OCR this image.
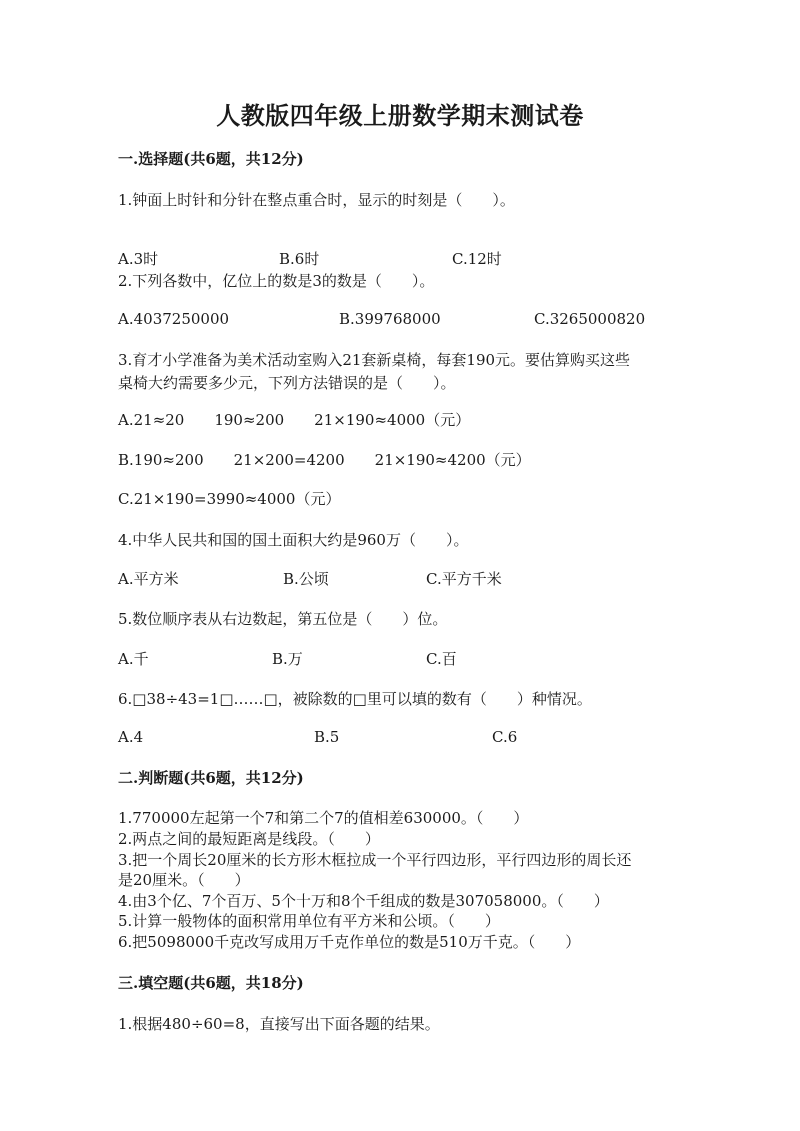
人教版四年级上册数学期末测试卷
一.选择题(共6题，共12分)
1.钟面上时针和分针在整点重合时，显示的时刻是（　　）。
A.3时	B.6时	C.12时
2.下列各数中，亿位上的数是3的数是（　　）。
A.4037250000	B.399768000	C.3265000820
3.育才小学准备为美术活动室购入21套新桌椅，每套190元。要估算购买这些
桌椅大约需要多少元，下列方法错误的是（　　）。
A.21≈20　　190≈200　　21×190≈4000（元）
B.190≈200　　21×200=4200　　21×190≈4200（元）
C.21×190=3990≈4000（元）
4.中华人民共和国的国土面积大约是960万（　　）。
A.平方米	B.公顷	C.平方千米
5.数位顺序表从右边数起，第五位是（　　）位。
A.千	B.万	C.百
6.□38÷43=1□……□，被除数的□里可以填的数有（　　）种情况。
A.4	B.5	C.6
二.判断题(共6题，共12分)
1.770000左起第一个7和第二个7的值相差630000。（　　）
2.两点之间的最短距离是线段。（　　）
3.把一个周长20厘米的长方形木框拉成一个平行四边形，平行四边形的周长还
是20厘米。（　　）
4.由3个亿、7个百万、5个十万和8个千组成的数是307058000。（　　）
5.计算一般物体的面积常用单位有平方米和公顷。（　　）
6.把5098000千克改写成用万千克作单位的数是510万千克。（　　）
三.填空题(共6题，共18分)
1.根据480÷60=8，直接写出下面各题的结果。
